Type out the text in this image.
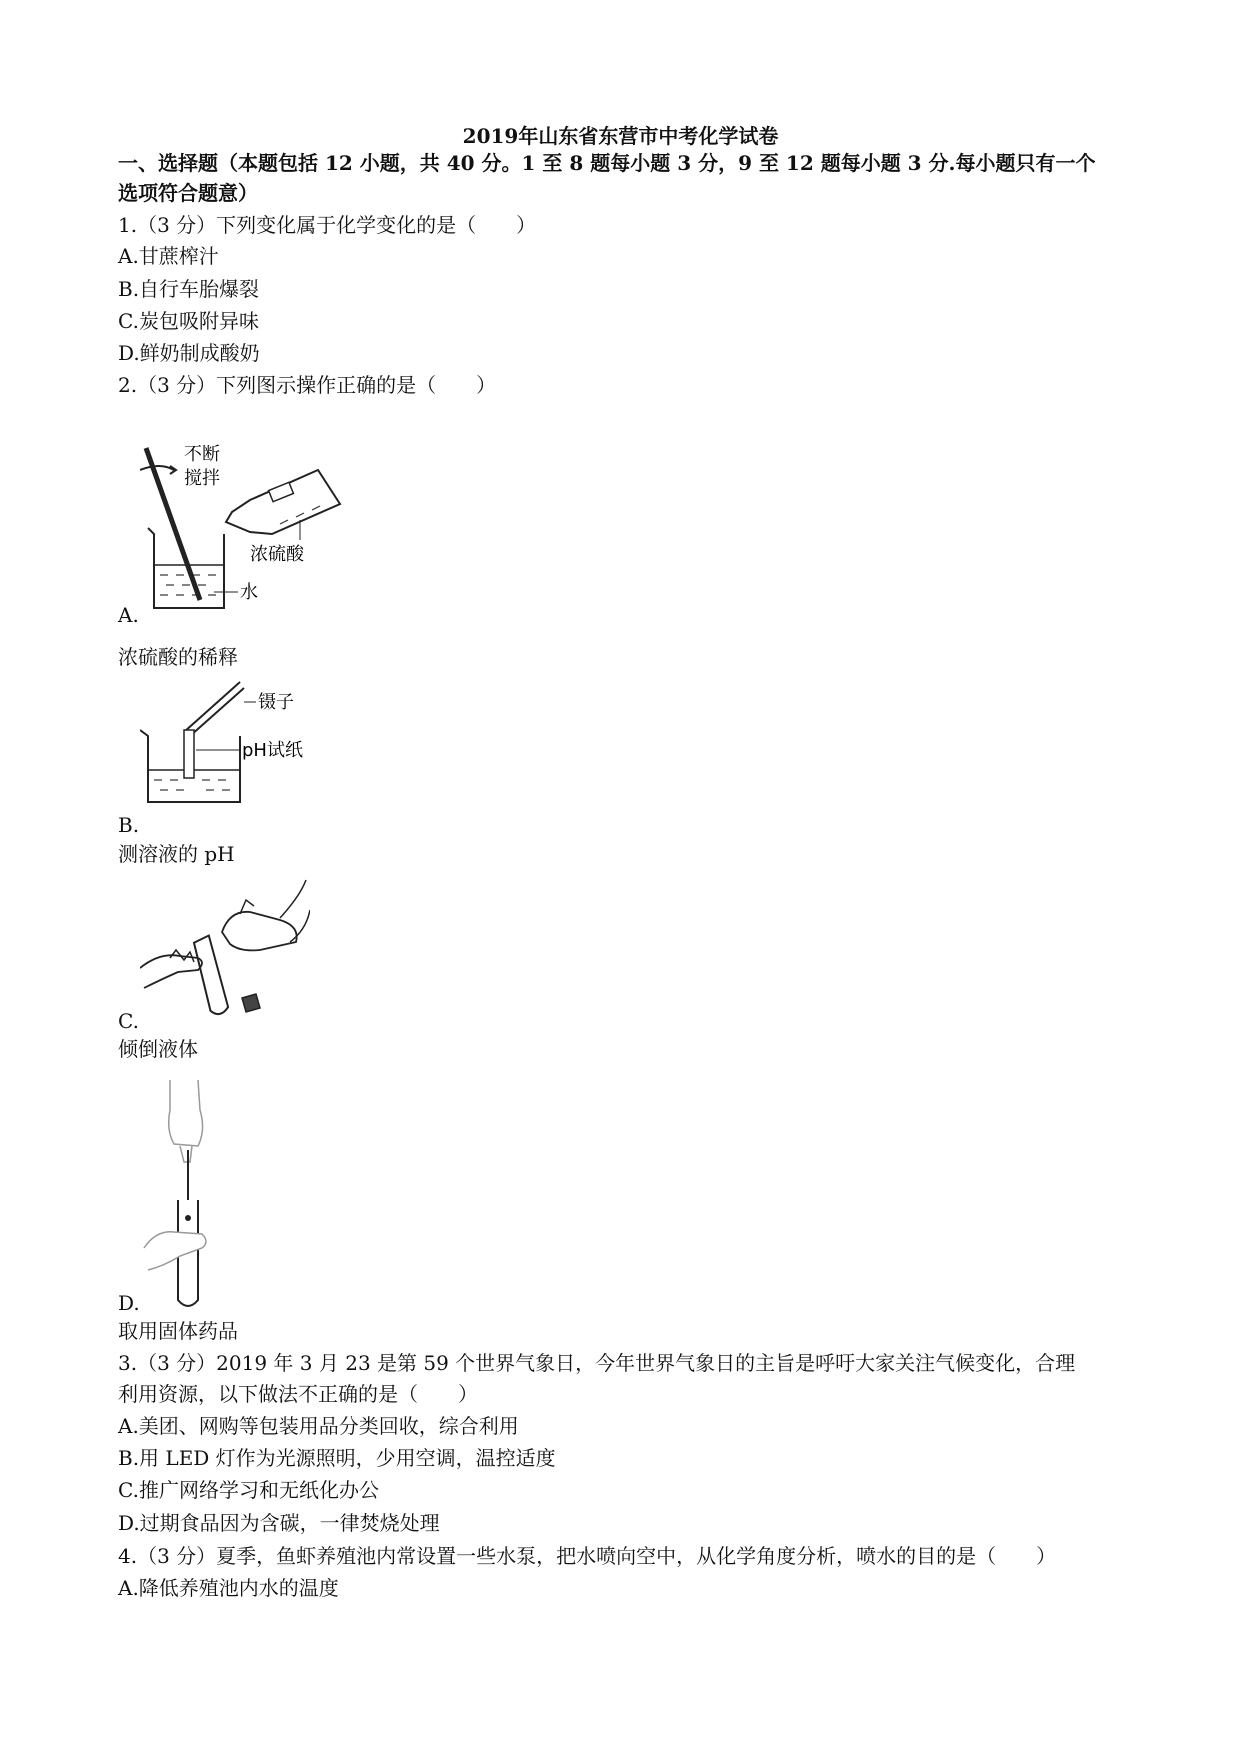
2019年山东省东营市中考化学试卷
一、选择题（本题包括 12 小题，共 40 分。1 至 8 题每小题 3 分，9 至 12 题每小题 3 分.每小题只有一个
选项符合题意）
1.（3 分）下列变化属于化学变化的是（　　）
A.甘蔗榨汁
B.自行车胎爆裂
C.炭包吸附异味
D.鲜奶制成酸奶
2.（3 分）下列图示操作正确的是（　　）
不断
搅拌
浓硫酸
水
A.
浓硫酸的稀释
镊子
pH试纸
B.
测溶液的 pH
C.
倾倒液体
D.
取用固体药品
3.（3 分）2019 年 3 月 23 是第 59 个世界气象日，今年世界气象日的主旨是呼吁大家关注气候变化，合理
利用资源，以下做法不正确的是（　　）
A.美团、网购等包装用品分类回收，综合利用
B.用 LED 灯作为光源照明，少用空调，温控适度
C.推广网络学习和无纸化办公
D.过期食品因为含碳，一律焚烧处理
4.（3 分）夏季，鱼虾养殖池内常设置一些水泵，把水喷向空中，从化学角度分析，喷水的目的是（　　）
A.降低养殖池内水的温度
